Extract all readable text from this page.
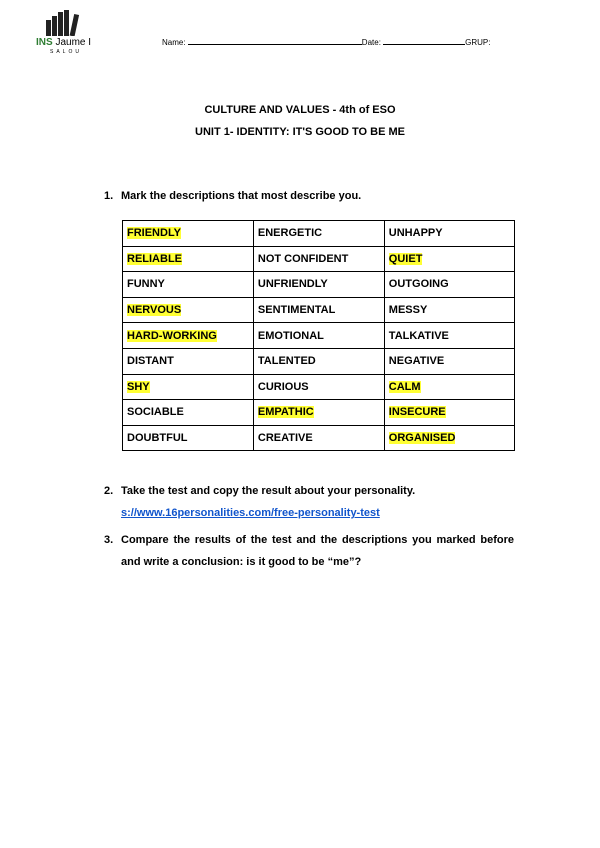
INS Jaume I
SALOU
Name:	Date:	GRUP:
CULTURE AND VALUES - 4th of ESO
UNIT 1- IDENTITY: IT'S GOOD TO BE ME
1. Mark the descriptions that most describe you.
FRIENDLY	ENERGETIC	UNHAPPY
RELIABLE	NOT CONFIDENT	QUIET
FUNNY	UNFRIENDLY	OUTGOING
NERVOUS	SENTIMENTAL	MESSY
HARD-WORKING	EMOTIONAL	TALKATIVE
DISTANT	TALENTED	NEGATIVE
SHY	CURIOUS	CALM
SOCIABLE	EMPATHIC	INSECURE
DOUBTFUL	CREATIVE	ORGANISED
2. Take the test and copy the result about your personality.
s://www.16personalities.com/free-personality-test
3. Compare the results of the test and the descriptions you marked before and write a conclusion: is it good to be “me”?
